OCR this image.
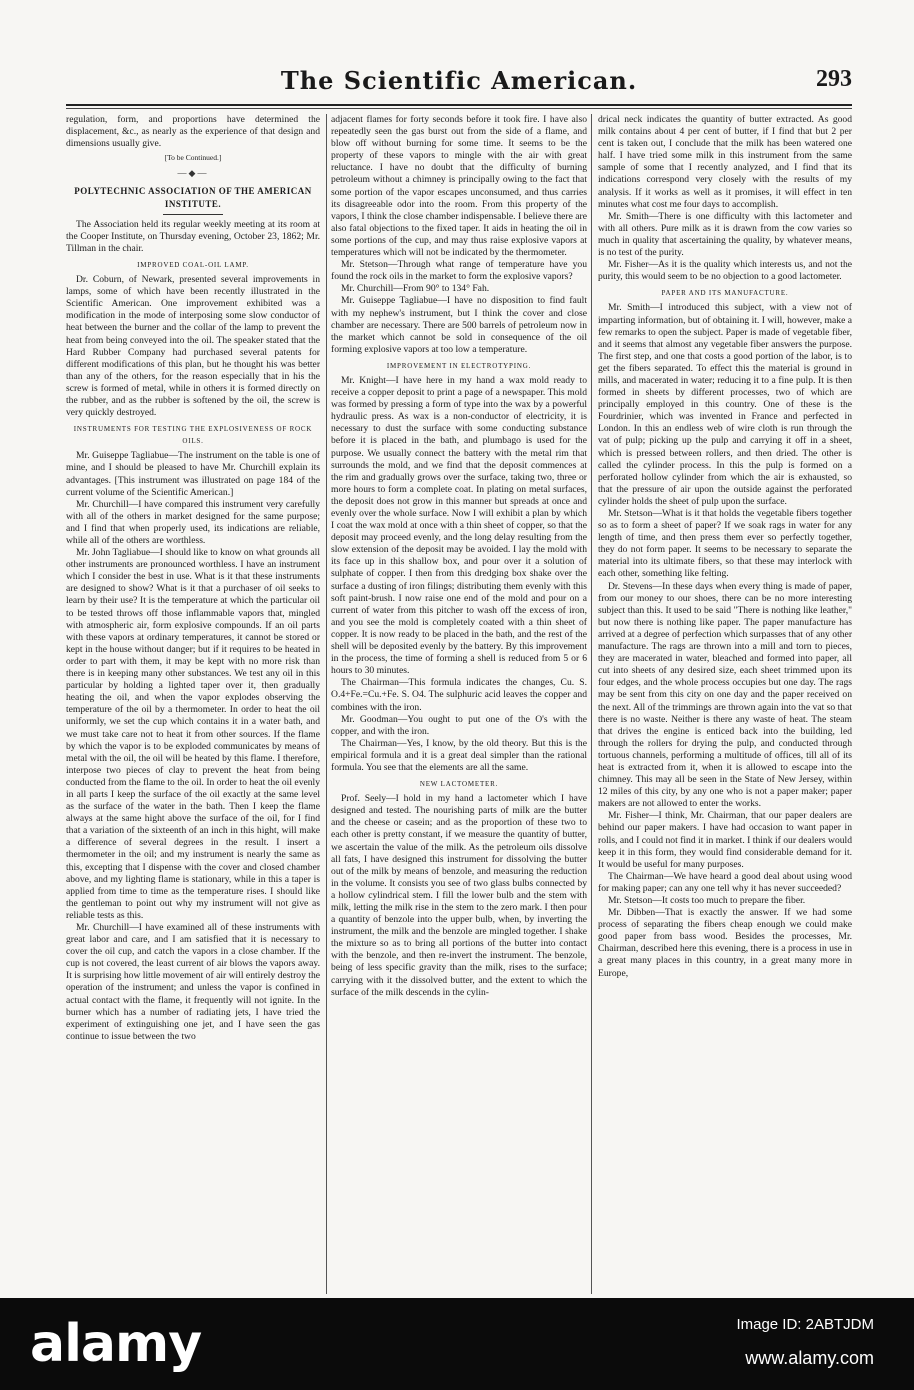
The Scientific American.	293

regulation, form, and proportions have determined the displacement, &c., as nearly as the experience of that design and dimensions usually give.

[To be Continued.]
—◆—
POLYTECHNIC ASSOCIATION OF THE AMERICAN INSTITUTE.

The Association held its regular weekly meeting at its room at the Cooper Institute, on Thursday evening, October 23, 1862; Mr. Tillman in the chair.

IMPROVED COAL-OIL LAMP.

Dr. Coburn, of Newark, presented several improvements in lamps, some of which have been recently illustrated in the Scientific American. One improvement exhibited was a modification in the mode of interposing some slow conductor of heat between the burner and the collar of the lamp to prevent the heat from being conveyed into the oil. The speaker stated that the Hard Rubber Company had purchased several patents for different modifications of this plan, but he thought his was better than any of the others, for the reason especially that in his the screw is formed of metal, while in others it is formed directly on the rubber, and as the rubber is softened by the oil, the screw is very quickly destroyed.

INSTRUMENTS FOR TESTING THE EXPLOSIVENESS OF ROCK OILS.

Mr. Guiseppe Tagliabue—The instrument on the table is one of mine, and I should be pleased to have Mr. Churchill explain its advantages. [This instrument was illustrated on page 184 of the current volume of the Scientific American.]

Mr. Churchill—I have compared this instrument very carefully with all of the others in market designed for the same purpose; and I find that when properly used, its indications are reliable, while all of the others are worthless.

Mr. John Tagliabue—I should like to know on what grounds all other instruments are pronounced worthless. I have an instrument which I consider the best in use. What is it that these instruments are designed to show? What is it that a purchaser of oil seeks to learn by their use? It is the temperature at which the particular oil to be tested throws off those inflammable vapors that, mingled with atmospheric air, form explosive compounds. If an oil parts with these vapors at ordinary temperatures, it cannot be stored or kept in the house without danger; but if it requires to be heated in order to part with them, it may be kept with no more risk than there is in keeping many other substances. We test any oil in this particular by holding a lighted taper over it, then gradually heating the oil, and when the vapor explodes observing the temperature of the oil by a thermometer. In order to heat the oil uniformly, we set the cup which contains it in a water bath, and we must take care not to heat it from other sources. If the flame by which the vapor is to be exploded communicates by means of metal with the oil, the oil will be heated by this flame. I therefore, interpose two pieces of clay to prevent the heat from being conducted from the flame to the oil. In order to heat the oil evenly in all parts I keep the surface of the oil exactly at the same level as the surface of the water in the bath. Then I keep the flame always at the same hight above the surface of the oil, for I find that a variation of the sixteenth of an inch in this hight, will make a difference of several degrees in the result. I insert a thermometer in the oil; and my instrument is nearly the same as this, excepting that I dispense with the cover and closed chamber above, and my lighting flame is stationary, while in this a taper is applied from time to time as the temperature rises. I should like the gentleman to point out why my instrument will not give as reliable tests as this.

Mr. Churchill—I have examined all of these instruments with great labor and care, and I am satisfied that it is necessary to cover the oil cup, and catch the vapors in a close chamber. If the cup is not covered, the least current of air blows the vapors away. It is surprising how little movement of air will entirely destroy the operation of the instrument; and unless the vapor is confined in actual contact with the flame, it frequently will not ignite. In the burner which has a number of radiating jets, I have tried the experiment of extinguishing one jet, and I have seen the gas continue to issue between the two

adjacent flames for forty seconds before it took fire. I have also repeatedly seen the gas burst out from the side of a flame, and blow off without burning for some time. It seems to be the property of these vapors to mingle with the air with great reluctance. I have no doubt that the difficulty of burning petroleum without a chimney is principally owing to the fact that some portion of the vapor escapes unconsumed, and thus carries its disagreeable odor into the room. From this property of the vapors, I think the close chamber indispensable. I believe there are also fatal objections to the fixed taper. It aids in heating the oil in some portions of the cup, and may thus raise explosive vapors at temperatures which will not be indicated by the thermometer.

Mr. Stetson—Through what range of temperature have you found the rock oils in the market to form the explosive vapors?

Mr. Churchill—From 90° to 134° Fah.

Mr. Guiseppe Tagliabue—I have no disposition to find fault with my nephew's instrument, but I think the cover and close chamber are necessary. There are 500 barrels of petroleum now in the market which cannot be sold in consequence of the oil forming explosive vapors at too low a temperature.

IMPROVEMENT IN ELECTROTYPING.

Mr. Knight—I have here in my hand a wax mold ready to receive a copper deposit to print a page of a newspaper. This mold was formed by pressing a form of type into the wax by a powerful hydraulic press. As wax is a non-conductor of electricity, it is necessary to dust the surface with some conducting substance before it is placed in the bath, and plumbago is used for the purpose. We usually connect the battery with the metal rim that surrounds the mold, and we find that the deposit commences at the rim and gradually grows over the surface, taking two, three or more hours to form a complete coat. In plating on metal surfaces, the deposit does not grow in this manner but spreads at once and evenly over the whole surface. Now I will exhibit a plan by which I coat the wax mold at once with a thin sheet of copper, so that the deposit may proceed evenly, and the long delay resulting from the slow extension of the deposit may be avoided. I lay the mold with its face up in this shallow box, and pour over it a solution of sulphate of copper. I then from this dredging box shake over the surface a dusting of iron filings; distributing them evenly with this soft paint-brush. I now raise one end of the mold and pour on a current of water from this pitcher to wash off the excess of iron, and you see the mold is completely coated with a thin sheet of copper. It is now ready to be placed in the bath, and the rest of the shell will be deposited evenly by the battery. By this improvement in the process, the time of forming a shell is reduced from 5 or 6 hours to 30 minutes.

The Chairman—This formula indicates the changes, Cu. S. O.4+Fe.=Cu.+Fe. S. O4. The sulphuric acid leaves the copper and combines with the iron.

Mr. Goodman—You ought to put one of the O's with the copper, and with the iron.

The Chairman—Yes, I know, by the old theory. But this is the empirical formula and it is a great deal simpler than the rational formula. You see that the elements are all the same.

NEW LACTOMETER.

Prof. Seely—I hold in my hand a lactometer which I have designed and tested. The nourishing parts of milk are the butter and the cheese or casein; and as the proportion of these two to each other is pretty constant, if we measure the quantity of butter, we ascertain the value of the milk. As the petroleum oils dissolve all fats, I have designed this instrument for dissolving the butter out of the milk by means of benzole, and measuring the reduction in the volume. It consists you see of two glass bulbs connected by a hollow cylindrical stem. I fill the lower bulb and the stem with milk, letting the milk rise in the stem to the zero mark. I then pour a quantity of benzole into the upper bulb, when, by inverting the instrument, the milk and the benzole are mingled together. I shake the mixture so as to bring all portions of the butter into contact with the benzole, and then re-invert the instrument. The benzole, being of less specific gravity than the milk, rises to the surface; carrying with it the dissolved butter, and the extent to which the surface of the milk descends in the cylin-

drical neck indicates the quantity of butter extracted. As good milk contains about 4 per cent of butter, if I find that but 2 per cent is taken out, I conclude that the milk has been watered one half. I have tried some milk in this instrument from the same sample of some that I recently analyzed, and I find that its indications correspond very closely with the results of my analysis. If it works as well as it promises, it will effect in ten minutes what cost me four days to accomplish.

Mr. Smith—There is one difficulty with this lactometer and with all others. Pure milk as it is drawn from the cow varies so much in quality that ascertaining the quality, by whatever means, is no test of the purity.

Mr. Fisher—As it is the quality which interests us, and not the purity, this would seem to be no objection to a good lactometer.

PAPER AND ITS MANUFACTURE.

Mr. Smith—I introduced this subject, with a view not of imparting information, but of obtaining it. I will, however, make a few remarks to open the subject. Paper is made of vegetable fiber, and it seems that almost any vegetable fiber answers the purpose. The first step, and one that costs a good portion of the labor, is to get the fibers separated. To effect this the material is ground in mills, and macerated in water; reducing it to a fine pulp. It is then formed in sheets by different processes, two of which are principally employed in this country. One of these is the Fourdrinier, which was invented in France and perfected in London. In this an endless web of wire cloth is run through the vat of pulp; picking up the pulp and carrying it off in a sheet, which is pressed between rollers, and then dried. The other is called the cylinder process. In this the pulp is formed on a perforated hollow cylinder from which the air is exhausted, so that the pressure of air upon the outside against the perforated cylinder holds the sheet of pulp upon the surface.

Mr. Stetson—What is it that holds the vegetable fibers together so as to form a sheet of paper? If we soak rags in water for any length of time, and then press them ever so perfectly together, they do not form paper. It seems to be necessary to separate the material into its ultimate fibers, so that these may interlock with each other, something like felting.

Dr. Stevens—In these days when every thing is made of paper, from our money to our shoes, there can be no more interesting subject than this. It used to be said "There is nothing like leather," but now there is nothing like paper. The paper manufacture has arrived at a degree of perfection which surpasses that of any other manufacture. The rags are thrown into a mill and torn to pieces, they are macerated in water, bleached and formed into paper, all cut into sheets of any desired size, each sheet trimmed upon its four edges, and the whole process occupies but one day. The rags may be sent from this city on one day and the paper received on the next. All of the trimmings are thrown again into the vat so that there is no waste. Neither is there any waste of heat. The steam that drives the engine is enticed back into the building, led through the rollers for drying the pulp, and conducted through tortuous channels, performing a multitude of offices, till all of its heat is extracted from it, when it is allowed to escape into the chimney. This may all be seen in the State of New Jersey, within 12 miles of this city, by any one who is not a paper maker; paper makers are not allowed to enter the works.

Mr. Fisher—I think, Mr. Chairman, that our paper dealers are behind our paper makers. I have had occasion to want paper in rolls, and I could not find it in market. I think if our dealers would keep it in this form, they would find considerable demand for it. It would be useful for many purposes.

The Chairman—We have heard a good deal about using wood for making paper; can any one tell why it has never succeeded?

Mr. Stetson—It costs too much to prepare the fiber.

Mr. Dibben—That is exactly the answer. If we had some process of separating the fibers cheap enough we could make good paper from bass wood. Besides the processes, Mr. Chairman, described here this evening, there is a process in use in a great many places in this country, in a great many more in Europe,

alamy	Image ID: 2ABTJDM
www.alamy.com
